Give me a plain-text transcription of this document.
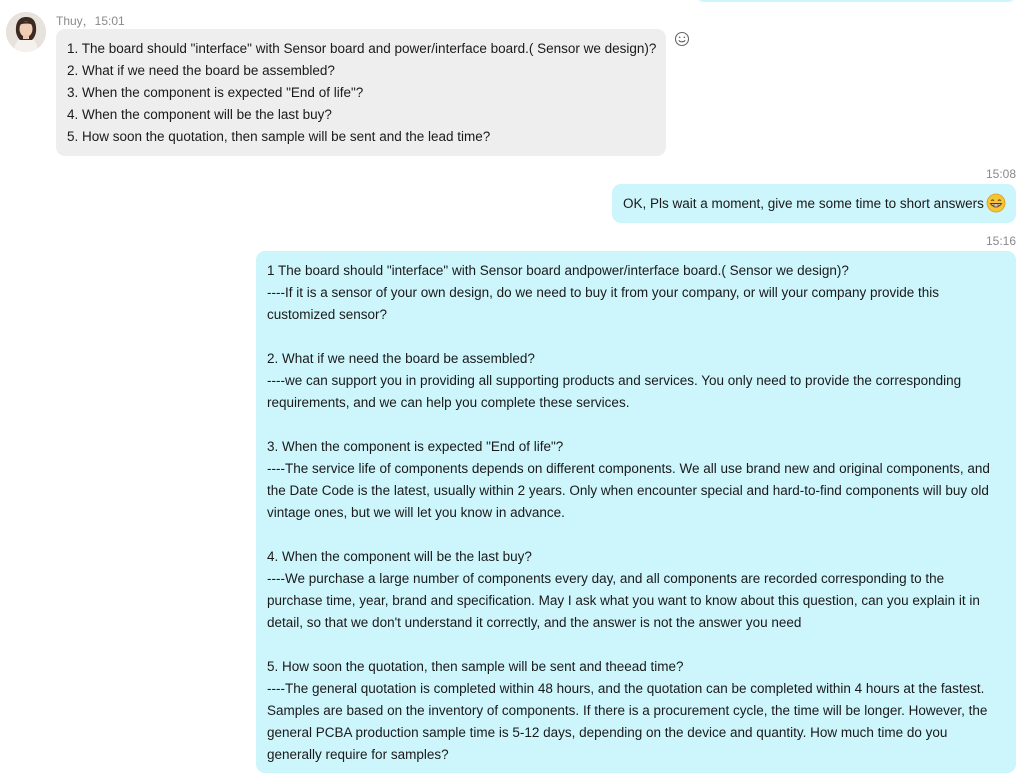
Thuy，15:01
1. The board should "interface" with Sensor board and power/interface board.( Sensor we design)?
2. What if we need the board be assembled?
3. When the component is expected "End of life"?
4. When the component will be the last buy?
5. How soon the quotation, then sample will be sent and the lead time?
15:08
OK, Pls wait a moment, give me some time to short answers
15:16
1 The board should "interface" with Sensor board andpower/interface board.( Sensor we design)?
----If it is a sensor of your own design, do we need to buy it from your company, or will your company provide this
customized sensor?
2. What if we need the board be assembled?
----we can support you in providing all supporting products and services. You only need to provide the corresponding
requirements, and we can help you complete these services.
3. When the component is expected "End of life"?
----The service life of components depends on different components. We all use brand new and original components, and
the Date Code is the latest, usually within 2 years. Only when encounter special and hard-to-find components will buy old
vintage ones, but we will let you know in advance.
4. When the component will be the last buy?
----We purchase a large number of components every day, and all components are recorded corresponding to the
purchase time, year, brand and specification. May I ask what you want to know about this question, can you explain it in
detail, so that we don't understand it correctly, and the answer is not the answer you need
5. How soon the quotation, then sample will be sent and theead time?
----The general quotation is completed within 48 hours, and the quotation can be completed within 4 hours at the fastest.
Samples are based on the inventory of components. If there is a procurement cycle, the time will be longer. However, the
general PCBA production sample time is 5-12 days, depending on the device and quantity. How much time do you
generally require for samples?
